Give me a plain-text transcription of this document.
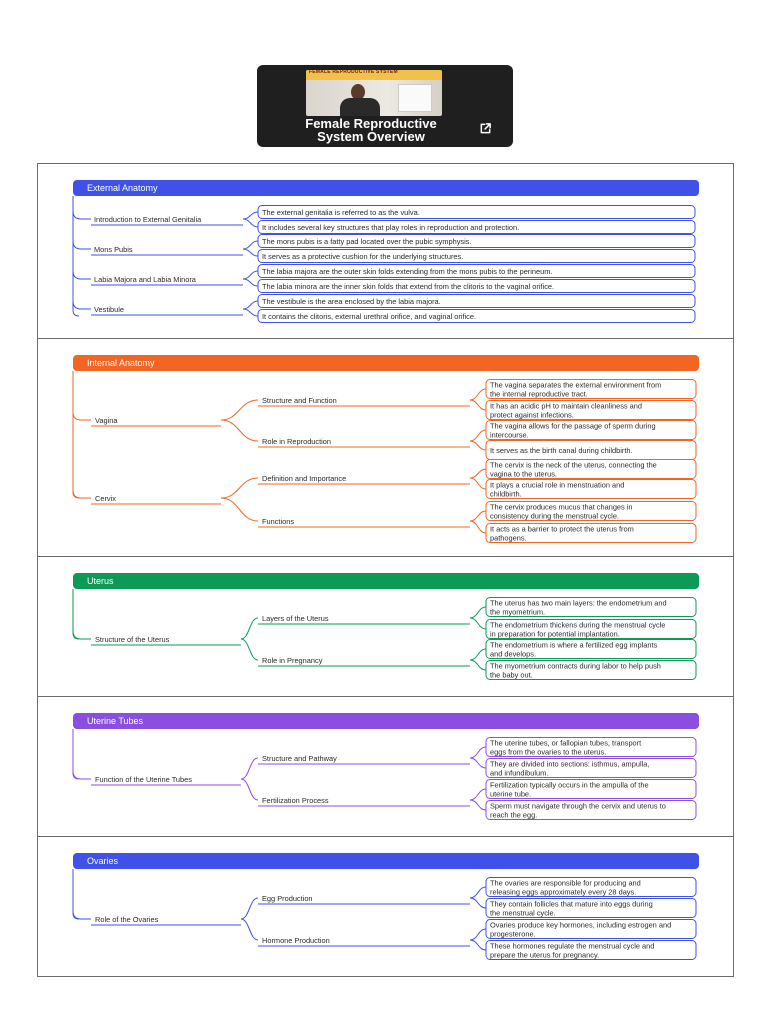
FEMALE REPRODUCTIVE SYSTEM
Female Reproductive
System Overview
External Anatomy
Introduction to External Genitalia
The external genitalia is referred to as the vulva.
It includes several key structures that play roles in reproduction and protection.
Mons Pubis
The mons pubis is a fatty pad located over the pubic symphysis.
It serves as a protective cushion for the underlying structures.
Labia Majora and Labia Minora
The labia majora are the outer skin folds extending from the mons pubis to the perineum.
The labia minora are the inner skin folds that extend from the clitoris to the vaginal orifice.
Vestibule
The vestibule is the area enclosed by the labia majora.
It contains the clitoris, external urethral orifice, and vaginal orifice.
Internal Anatomy
Vagina
Structure and Function
The vagina separates the external environment from the internal reproductive tract.
It has an acidic pH to maintain cleanliness and protect against infections.
Role in Reproduction
The vagina allows for the passage of sperm during intercourse.
It serves as the birth canal during childbirth.
Cervix
Definition and Importance
The cervix is the neck of the uterus, connecting the vagina to the uterus.
It plays a crucial role in menstruation and childbirth.
Functions
The cervix produces mucus that changes in consistency during the menstrual cycle.
It acts as a barrier to protect the uterus from pathogens.
Uterus
Structure of the Uterus
Layers of the Uterus
The uterus has two main layers: the endometrium and the myometrium.
The endometrium thickens during the menstrual cycle in preparation for potential implantation.
Role in Pregnancy
The endometrium is where a fertilized egg implants and develops.
The myometrium contracts during labor to help push the baby out.
Uterine Tubes
Function of the Uterine Tubes
Structure and Pathway
The uterine tubes, or fallopian tubes, transport eggs from the ovaries to the uterus.
They are divided into sections: isthmus, ampulla, and infundibulum.
Fertilization Process
Fertilization typically occurs in the ampulla of the uterine tube.
Sperm must navigate through the cervix and uterus to reach the egg.
Ovaries
Role of the Ovaries
Egg Production
The ovaries are responsible for producing and releasing eggs approximately every 28 days.
They contain follicles that mature into eggs during the menstrual cycle.
Hormone Production
Ovaries produce key hormones, including estrogen and progesterone.
These hormones regulate the menstrual cycle and prepare the uterus for pregnancy.
